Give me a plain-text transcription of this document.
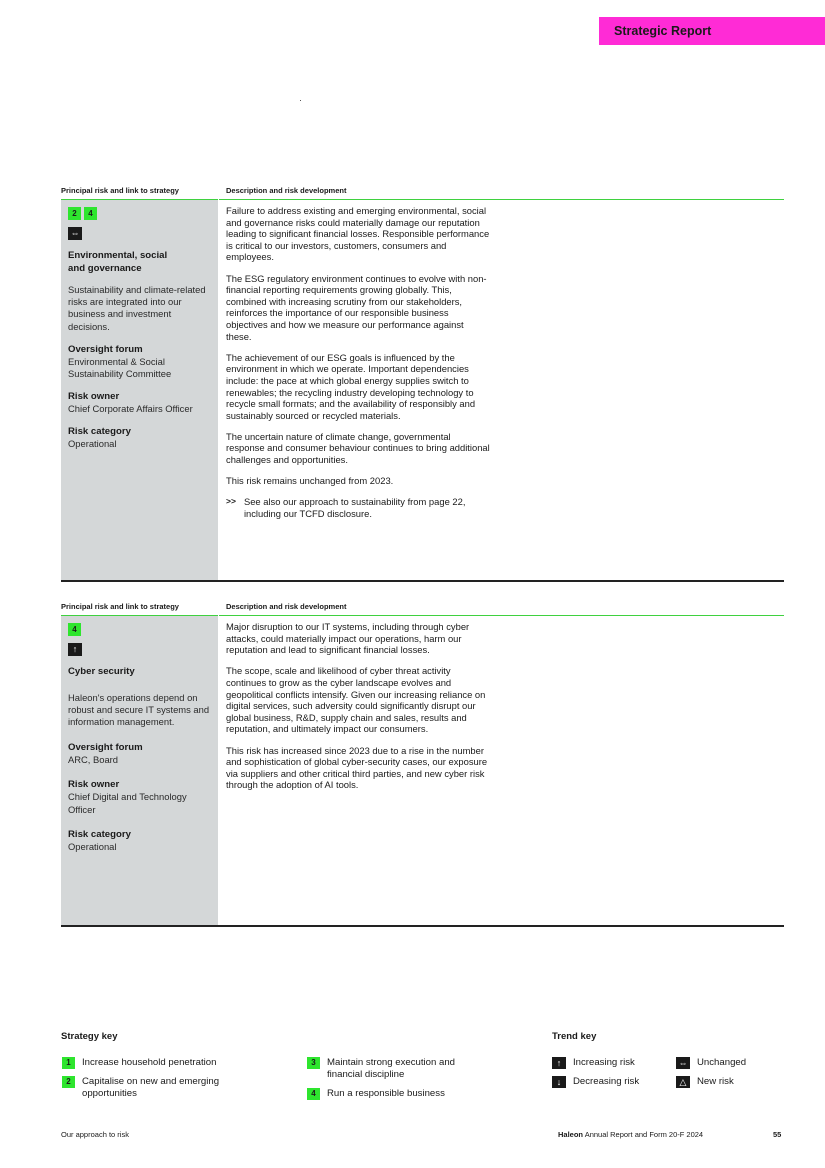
Strategic Report
Principal risk and link to strategy	Description and risk development
2	4
⇔
Environmental, social
and governance
Sustainability and climate-related risks are integrated into our business and investment decisions.
Oversight forum
Environmental & Social Sustainability Committee
Risk owner
Chief Corporate Affairs Officer
Risk category
Operational

Failure to address existing and emerging environmental, social and governance risks could materially damage our reputation leading to significant financial losses. Responsible performance is critical to our investors, customers, consumers and employees.

The ESG regulatory environment continues to evolve with non-financial reporting requirements growing globally. This, combined with increasing scrutiny from our stakeholders, reinforces the importance of our responsible business objectives and how we measure our performance against these.

The achievement of our ESG goals is influenced by the environment in which we operate. Important dependencies include: the pace at which global energy supplies switch to renewables; the recycling industry developing technology to recycle small formats; and the availability of responsibly and sustainably sourced or recycled materials.

The uncertain nature of climate change, governmental response and consumer behaviour continues to bring additional challenges and opportunities.

This risk remains unchanged from 2023.

>> See also our approach to sustainability from page 22, including our TCFD disclosure.
Principal risk and link to strategy	Description and risk development
4
↑
Cyber security
Haleon's operations depend on robust and secure IT systems and information management.
Oversight forum
ARC, Board
Risk owner
Chief Digital and Technology Officer
Risk category
Operational

Major disruption to our IT systems, including through cyber attacks, could materially impact our operations, harm our reputation and lead to significant financial losses.

The scope, scale and likelihood of cyber threat activity continues to grow as the cyber landscape evolves and geopolitical conflicts intensify. Given our increasing reliance on digital services, such adversity could significantly disrupt our global business, R&D, supply chain and sales, results and reputation, and ultimately impact our consumers.

This risk has increased since 2023 due to a rise in the number and sophistication of global cyber-security cases, our exposure via suppliers and other critical third parties, and new cyber risk through the adoption of AI tools.

Strategy key
1	Increase household penetration
2	Capitalise on new and emerging opportunities
3	Maintain strong execution and financial discipline
4	Run a responsible business
Trend key
↑	Increasing risk	⇔ Unchanged
↓	Decreasing risk	△	New risk
Our approach to risk	Haleon Annual Report and Form 20-F 2024	55
